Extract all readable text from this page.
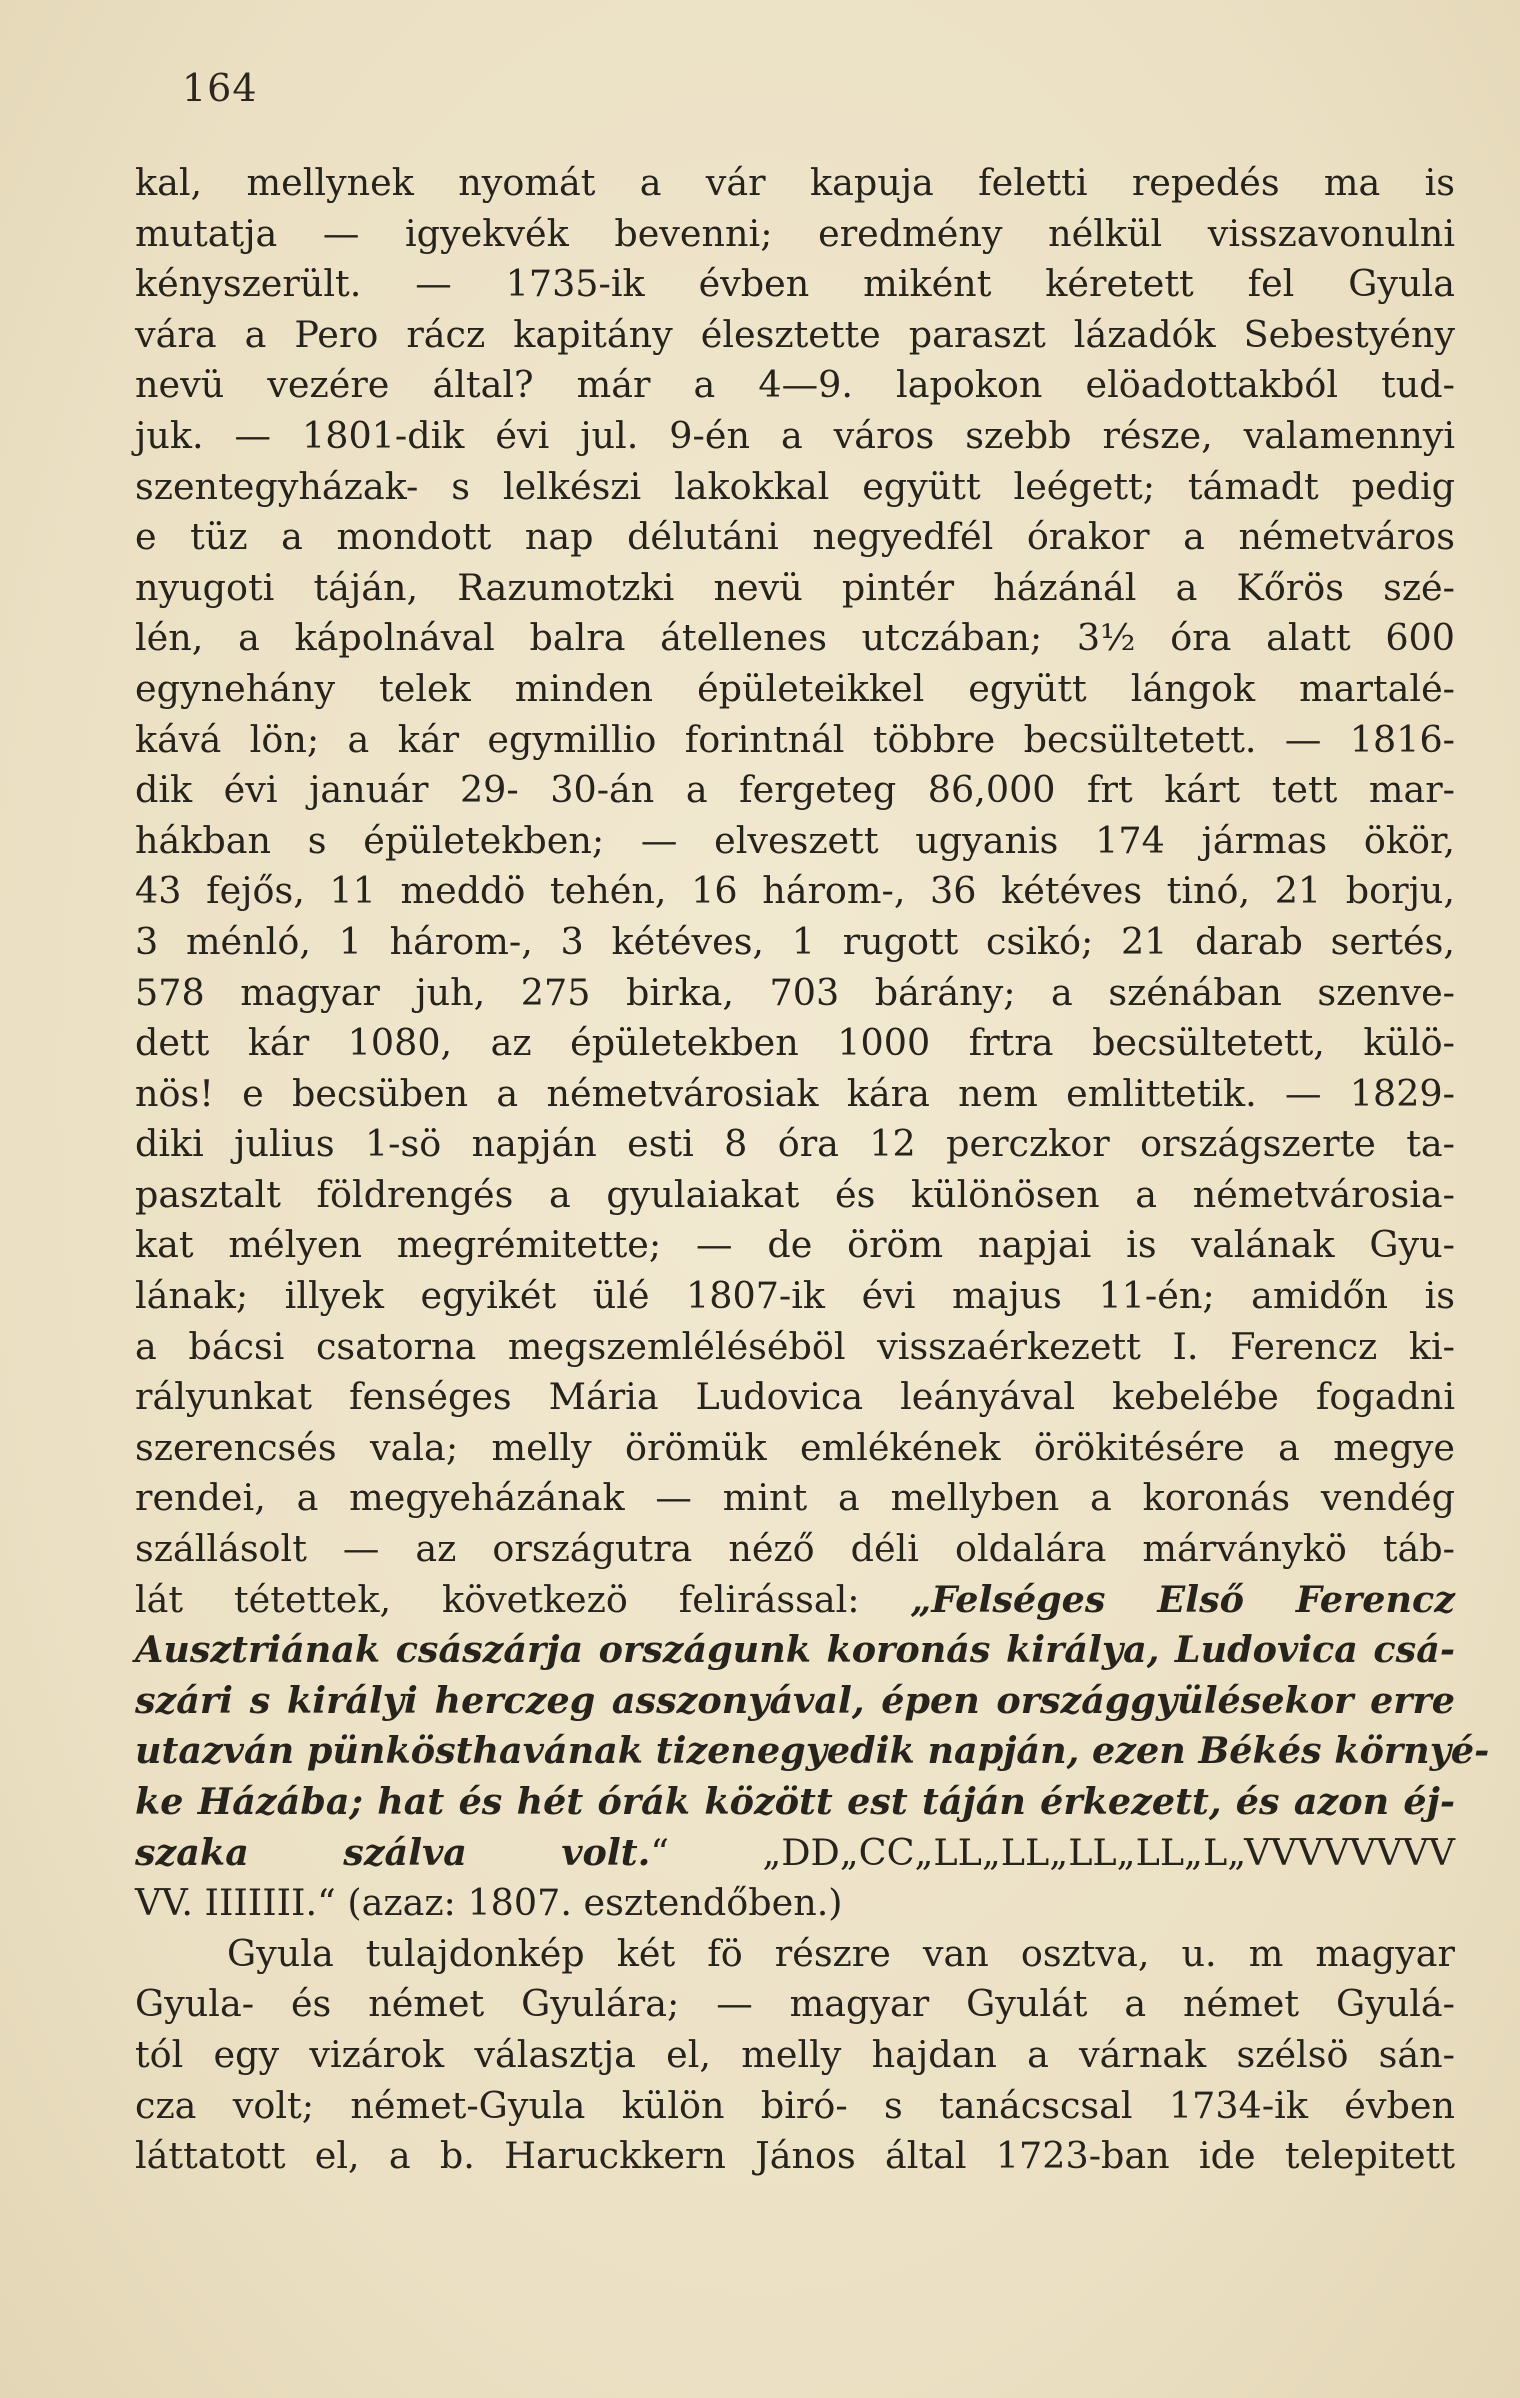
164
kal, mellynek nyomát a vár kapuja feletti repedés ma is
mutatja — igyekvék bevenni; eredmény nélkül visszavonulni
kényszerült. — 1735-ik évben miként kéretett fel Gyula
vára a Pero rácz kapitány élesztette paraszt lázadók Sebestyény
nevü vezére által? már a 4—9. lapokon elöadottakból tud-
juk. — 1801-dik évi jul. 9-én a város szebb része, valamennyi
szentegyházak- s lelkészi lakokkal együtt leégett; támadt pedig
e tüz a mondott nap délutáni negyedfél órakor a németváros
nyugoti táján, Razumotzki nevü pintér házánál a Kőrös szé-
lén, a kápolnával balra átellenes utczában; 3½ óra alatt 600
egynehány telek minden épületeikkel együtt lángok martalé-
kává lön; a kár egymillio forintnál többre becsültetett. — 1816-
dik évi január 29- 30-án a fergeteg 86,000 frt kárt tett mar-
hákban s épületekben; — elveszett ugyanis 174 jármas ökör,
43 fejős, 11 meddö tehén, 16 három-, 36 kétéves tinó, 21 borju,
3 ménló, 1 három-, 3 kétéves, 1 rugott csikó; 21 darab sertés,
578 magyar juh, 275 birka, 703 bárány; a szénában szenve-
dett kár 1080, az épületekben 1000 frtra becsültetett, külö-
nös! e becsüben a németvárosiak kára nem emlittetik. — 1829-
diki julius 1-sö napján esti 8 óra 12 perczkor országszerte ta-
pasztalt földrengés a gyulaiakat és különösen a németvárosia-
kat mélyen megrémitette; — de öröm napjai is valának Gyu-
lának; illyek egyikét ülé 1807-ik évi majus 11-én; amidőn is
a bácsi csatorna megszemléléséböl visszaérkezett I. Ferencz ki-
rályunkat fenséges Mária Ludovica leányával kebelébe fogadni
szerencsés vala; melly örömük emlékének örökitésére a megye
rendei, a megyeházának — mint a mellyben a koronás vendég
szállásolt — az országutra néző déli oldalára márványkö táb-
lát tétettek, következö felirással: „Felséges Első Ferencz
Ausztriának császárja országunk koronás királya, Ludovica csá-
szári s királyi herczeg asszonyával, épen országgyülésekor erre
utazván pünkösthavának tizenegyedik napján, ezen Békés környé-
ke Házába; hat és hét órák között est táján érkezett, és azon éj-
szaka szálva volt.“ „DD„CC„LL„LL„LL„LL„L„VVVVVVVV
VV. IIIIIII.“ (azaz: 1807. esztendőben.)
Gyula tulajdonkép két fö részre van osztva, u. m magyar
Gyula- és német Gyulára; — magyar Gyulát a német Gyulá-
tól egy vizárok választja el, melly hajdan a várnak szélsö sán-
cza volt; német-Gyula külön biró- s tanácscsal 1734-ik évben
láttatott el, a b. Haruckkern János által 1723-ban ide telepitett
